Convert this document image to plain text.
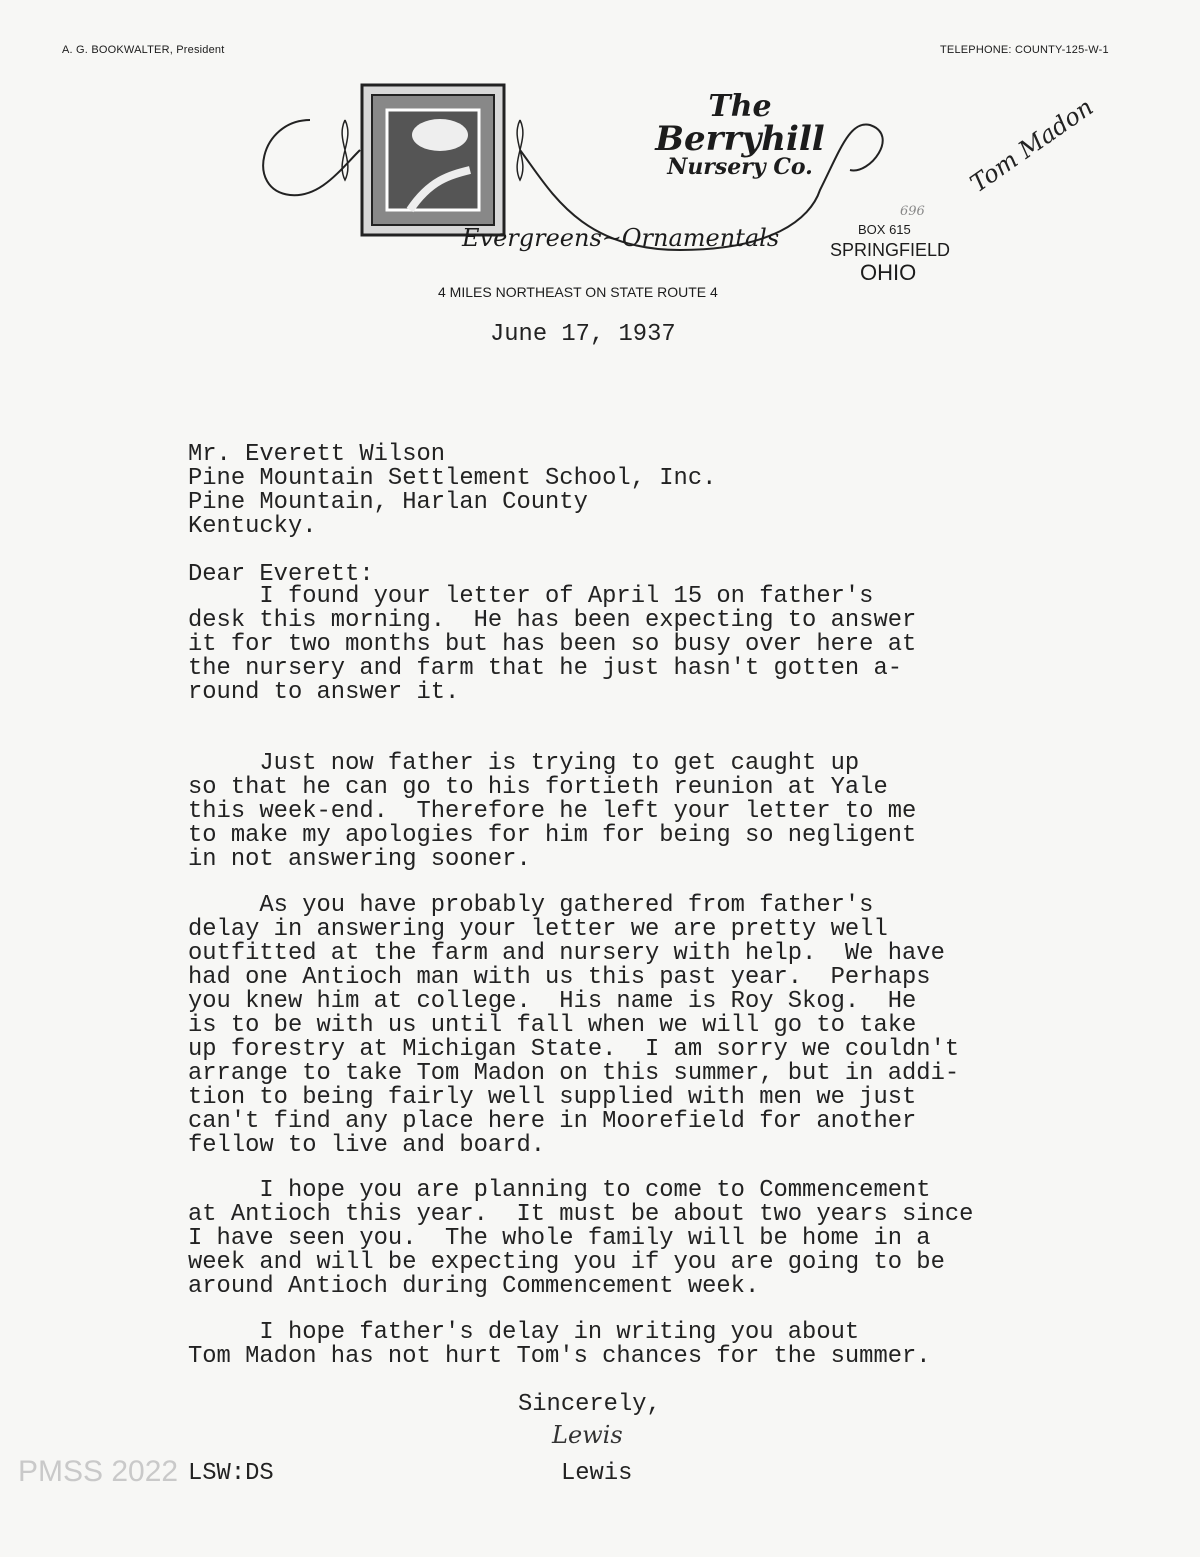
A. G. BOOKWALTER, President	TELEPHONE: COUNTY-125-W-1
The
Berryhill
Nursery Co.
Evergreens~Ornamentals	BOX 615
SPRINGFIELD
OHIO
4 MILES NORTHEAST ON STATE ROUTE 4
Tom Madon
696
PMSS 2022
June 17, 1937
Mr. Everett Wilson
Pine Mountain Settlement School, Inc.
Pine Mountain, Harlan County
Kentucky.
Dear Everett:
I found your letter of April 15 on father's
desk this morning.  He has been expecting to answer
it for two months but has been so busy over here at
the nursery and farm that he just hasn't gotten a-
round to answer it.
Just now father is trying to get caught up
so that he can go to his fortieth reunion at Yale
this week-end.  Therefore he left your letter to me
to make my apologies for him for being so negligent
in not answering sooner.
As you have probably gathered from father's
delay in answering your letter we are pretty well
outfitted at the farm and nursery with help.  We have
had one Antioch man with us this past year.  Perhaps
you knew him at college.  His name is Roy Skog.  He
is to be with us until fall when we will go to take
up forestry at Michigan State.  I am sorry we couldn't
arrange to take Tom Madon on this summer, but in addi-
tion to being fairly well supplied with men we just
can't find any place here in Moorefield for another
fellow to live and board.
I hope you are planning to come to Commencement
at Antioch this year.  It must be about two years since
I have seen you.  The whole family will be home in a
week and will be expecting you if you are going to be
around Antioch during Commencement week.
I hope father's delay in writing you about
Tom Madon has not hurt Tom's chances for the summer.
Sincerely,
Lewis
Lewis
LSW:DS
